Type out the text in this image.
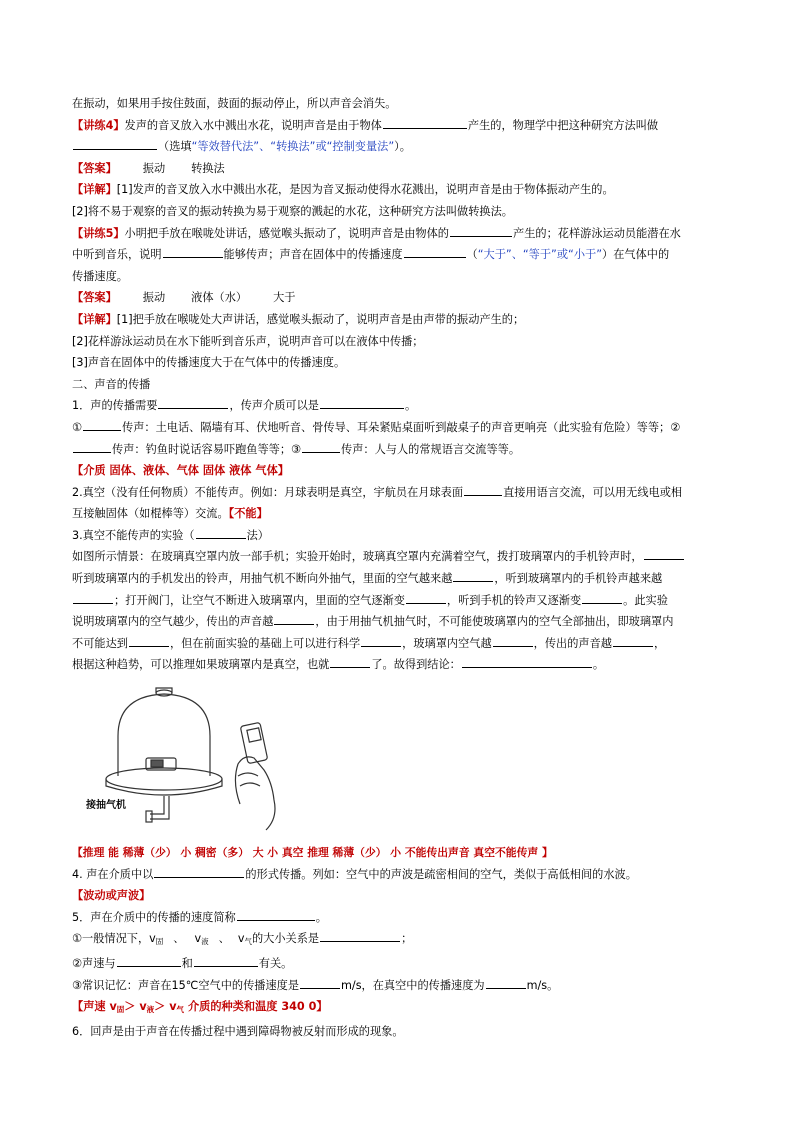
在振动，如果用手按住鼓面，鼓面的振动停止，所以声音会消失。
【讲练4】发声的音叉放入水中溅出水花，说明声音是由于物体	产生的，物理学中把这种研究方法叫做
（选填“等效替代法”、“转换法”或“控制变量法”）。
【答案】 振动 转换法
【详解】[1]发声的音叉放入水中溅出水花，是因为音叉振动使得水花溅出，说明声音是由于物体振动产生的。
[2]将不易于观察的音叉的振动转换为易于观察的溅起的水花，这种研究方法叫做转换法。
【讲练5】小明把手放在喉咙处讲话，感觉喉头振动了，说明声音是由物体的	产生的；花样游泳运动员能潜在水
中听到音乐，说明	能够传声；声音在固体中的传播速度	（“大于”、“等于”或“小于”）在气体中的
传播速度。
【答案】 振动 液体（水） 大于
【详解】[1]把手放在喉咙处大声讲话，感觉喉头振动了，说明声音是由声带的振动产生的；
[2]花样游泳运动员在水下能听到音乐声，说明声音可以在液体中传播；
[3]声音在固体中的传播速度大于在气体中的传播速度。
二、声音的传播
1．声的传播需要	，传声介质可以是	。
①	传声：土电话、隔墙有耳、伏地听音、骨传导、耳朵紧贴桌面听到敲桌子的声音更响亮（此实验有危险）等等；②
传声：钓鱼时说话容易吓跑鱼等等；③	传声：人与人的常规语言交流等等。
【介质 固体、液体、气体 固体 液体 气体】
2.真空（没有任何物质）不能传声。例如：月球表明是真空，宇航员在月球表面	直接用语言交流，可以用无线电或相
互接触固体（如棍棒等）交流。【不能】
3.真空不能传声的实验（	法）
如图所示情景：在玻璃真空罩内放一部手机；实验开始时，玻璃真空罩内充满着空气，拨打玻璃罩内的手机铃声时，
听到玻璃罩内的手机发出的铃声，用抽气机不断向外抽气，里面的空气越来越	，听到玻璃罩内的手机铃声越来越
；打开阀门，让空气不断进入玻璃罩内，里面的空气逐渐变	，听到手机的铃声又逐渐变	。此实验
说明玻璃罩内的空气越少，传出的声音越	，由于用抽气机抽气时，不可能使玻璃罩内的空气全部抽出，即玻璃罩内
不可能达到	，但在前面实验的基础上可以进行科学	，玻璃罩内空气越	，传出的声音越	，
根据这种趋势，可以推理如果玻璃罩内是真空，也就	了。故得到结论：	。
接抽气机
【推理 能 稀薄（少） 小 稠密（多） 大 小 真空 推理 稀薄（少） 小 不能传出声音 真空不能传声 】
4. 声在介质中以	的形式传播。列如：空气中的声波是疏密相间的空气，类似于高低相间的水波。
【波动或声波】
5．声在介质中的传播的速度简称	。
①一般情况下，$v_固$ 、 $v_液$ 、 $v_气$的大小关系是	；
②声速与	和	有关。
③常识记忆：声音在15℃空气中的传播速度是	m/s，在真空中的传播速度为	m/s。
【声速 $v_固> v_液> v_气$ 介质的种类和温度 340 0】
6．回声是由于声音在传播过程中遇到障碍物被反射而形成的现象。
